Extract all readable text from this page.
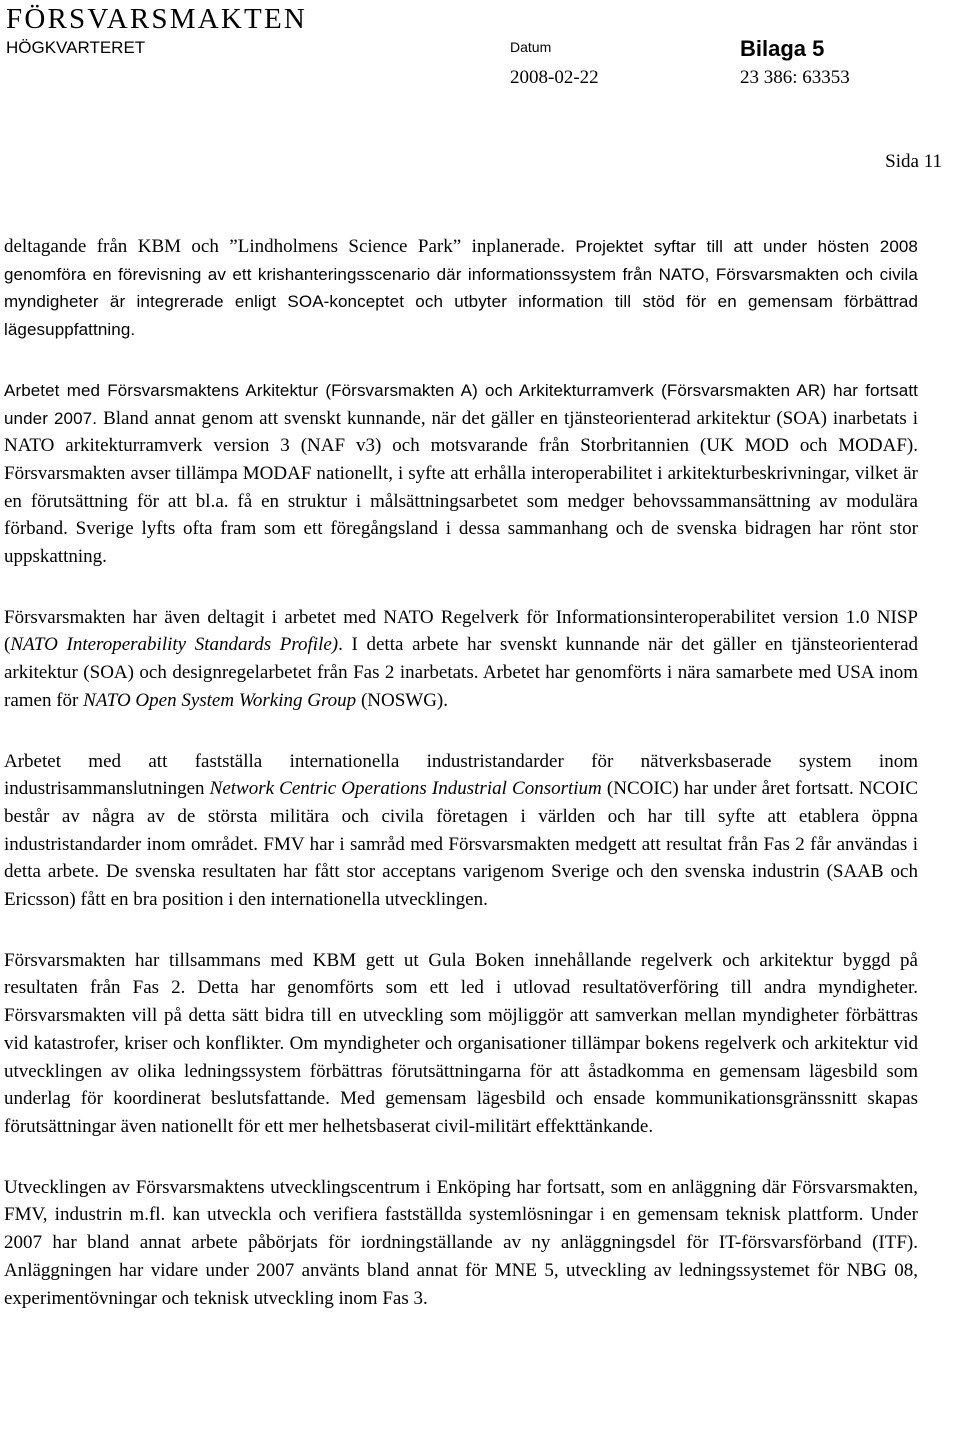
FÖRSVARSMAKTEN
HÖGKVARTERET	Datum	Bilaga 5
2008-02-22	23 386: 63353
Sida 11

deltagande från KBM och ”Lindholmens Science Park” inplanerade. Projektet syftar till att under hösten 2008 genomföra en förevisning av ett krishanteringsscenario där informationssystem från NATO, Försvarsmakten och civila myndigheter är integrerade enligt SOA-konceptet och utbyter information till stöd för en gemensam förbättrad lägesuppfattning.

Arbetet med Försvarsmaktens Arkitektur (Försvarsmakten A) och Arkitekturramverk (Försvarsmakten AR) har fortsatt under 2007. Bland annat genom att svenskt kunnande, när det gäller en tjänsteorienterad arkitektur (SOA) inarbetats i NATO arkitekturramverk version 3 (NAF v3) och motsvarande från Storbritannien (UK MOD och MODAF). Försvarsmakten avser tillämpa MODAF nationellt, i syfte att erhålla interoperabilitet i arkitekturbeskrivningar, vilket är en förutsättning för att bl.a. få en struktur i målsättningsarbetet som medger behovssammansättning av modulära förband. Sverige lyfts ofta fram som ett föregångsland i dessa sammanhang och de svenska bidragen har rönt stor uppskattning.

Försvarsmakten har även deltagit i arbetet med NATO Regelverk för Informationsinteroperabilitet version 1.0 NISP (NATO Interoperability Standards Profile). I detta arbete har svenskt kunnande när det gäller en tjänsteorienterad arkitektur (SOA) och designregelarbetet från Fas 2 inarbetats. Arbetet har genomförts i nära samarbete med USA inom ramen för NATO Open System Working Group (NOSWG).

Arbetet med att fastställa internationella industristandarder för nätverksbaserade system inom industrisammanslutningen Network Centric Operations Industrial Consortium (NCOIC) har under året fortsatt. NCOIC består av några av de största militära och civila företagen i världen och har till syfte att etablera öppna industristandarder inom området. FMV har i samråd med Försvarsmakten medgett att resultat från Fas 2 får användas i detta arbete. De svenska resultaten har fått stor acceptans varigenom Sverige och den svenska industrin (SAAB och Ericsson) fått en bra position i den internationella utvecklingen.

Försvarsmakten har tillsammans med KBM gett ut Gula Boken innehållande regelverk och arkitektur byggd på resultaten från Fas 2. Detta har genomförts som ett led i utlovad resultatöverföring till andra myndigheter. Försvarsmakten vill på detta sätt bidra till en utveckling som möjliggör att samverkan mellan myndigheter förbättras vid katastrofer, kriser och konflikter. Om myndigheter och organisationer tillämpar bokens regelverk och arkitektur vid utvecklingen av olika ledningssystem förbättras förutsättningarna för att åstadkomma en gemensam lägesbild som underlag för koordinerat beslutsfattande. Med gemensam lägesbild och ensade kommunikationsgränssnitt skapas förutsättningar även nationellt för ett mer helhetsbaserat civil-militärt effekttänkande.

Utvecklingen av Försvarsmaktens utvecklingscentrum i Enköping har fortsatt, som en anläggning där Försvarsmakten, FMV, industrin m.fl. kan utveckla och verifiera fastställda systemlösningar i en gemensam teknisk plattform. Under 2007 har bland annat arbete påbörjats för iordningställande av ny anläggningsdel för IT-försvarsförband (ITF). Anläggningen har vidare under 2007 använts bland annat för MNE 5, utveckling av ledningssystemet för NBG 08, experimentövningar och teknisk utveckling inom Fas 3.
